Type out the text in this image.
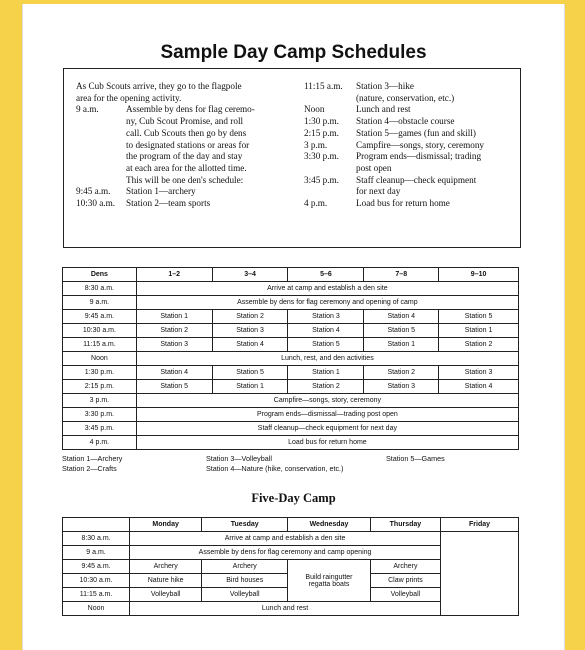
Sample Day Camp Schedules
As Cub Scouts arrive, they go to the flagpole
area for the opening activity.
9 a.m.	Assemble by dens for flag ceremo-
ny, Cub Scout Promise, and roll
call. Cub Scouts then go by dens
to designated stations or areas for
the program of the day and stay
at each area for the allotted time.
This will be one den's schedule:
9:45 a.m. Station 1—archery
10:30 a.m. Station 2—team sports
11:15 a.m. Station 3—hike
(nature, conservation, etc.)
Noon	Lunch and rest
1:30 p.m. Station 4—obstacle course
2:15 p.m. Station 5—games (fun and skill)
3 p.m.	Campfire—songs, story, ceremony
3:30 p.m. Program ends—dismissal; trading
post open
3:45 p.m. Staff cleanup—check equipment
for next day
4 p.m.	Load bus for return home
Dens	1–2	3–4	5–6	7–8	9–10
8:30 a.m.	Arrive at camp and establish a den site				
9 a.m.	Assemble by dens for flag ceremony and opening of camp				
9:45 a.m.	Station 1	Station 2	Station 3	Station 4	Station 5
10:30 a.m.	Station 2	Station 3	Station 4	Station 5	Station 1
11:15 a.m.	Station 3	Station 4	Station 5	Station 1	Station 2
Noon	Lunch, rest, and den activities				
1:30 p.m.	Station 4	Station 5	Station 1	Station 2	Station 3
2:15 p.m.	Station 5	Station 1	Station 2	Station 3	Station 4
3 p.m.	Campfire—songs, story, ceremony				
3:30 p.m.	Program ends—dismissal—trading post open				
3:45 p.m.	Staff cleanup—check equipment for next day				
4 p.m.	Load bus for return home				
Station 1—Archery
Station 2—Crafts
Station 3—Volleyball
Station 4—Nature (hike, conservation, etc.)
Station 5—Games
Five-Day Camp
	Monday	Tuesday	Wednesday	Thursday	Friday
8:30 a.m.	Arrive at camp and establish a den site				
9 a.m.	Assemble by dens for flag ceremony and camp opening				
9:45 a.m.	Archery	Archery	Build raingutter regatta boats	Archery	
10:30 a.m.	Nature hike	Bird houses		Claw prints	
11:15 a.m.	Volleyball	Volleyball		Volleyball	
Noon	Lunch and rest				
